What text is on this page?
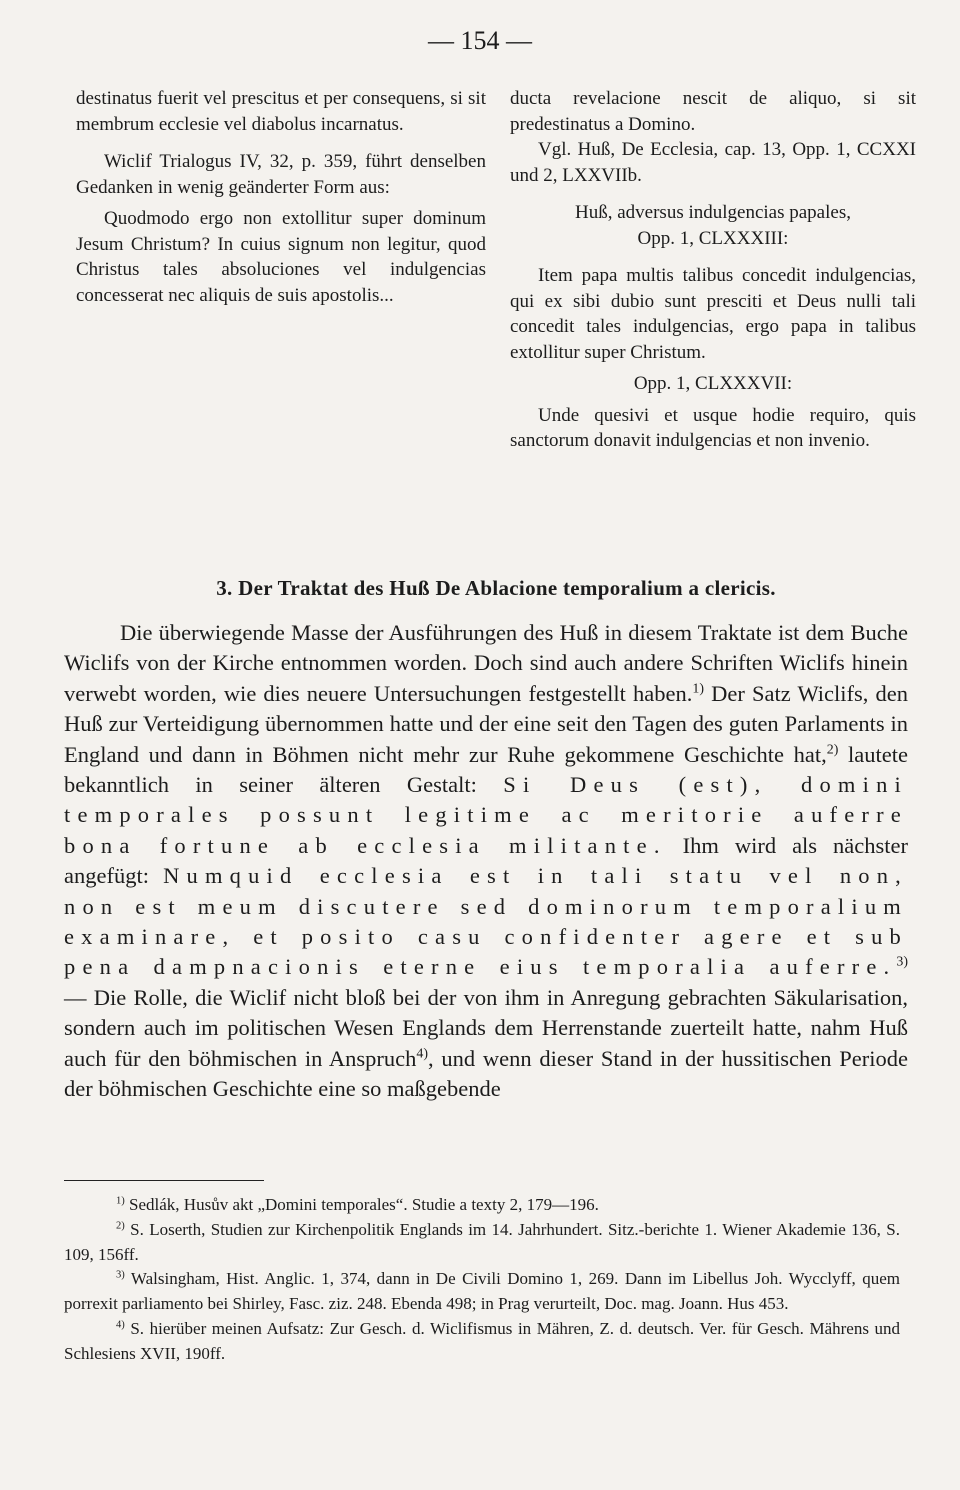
— 154 —

destinatus fuerit vel prescitus et per consequens, si sit membrum ecclesie vel diabolus incarnatus.

Wiclif Trialogus IV, 32, p. 359, führt denselben Gedanken in wenig geänderter Form aus:

Quodmodo ergo non extollitur super dominum Jesum Christum? In cuius signum non legitur, quod Christus tales absoluciones vel indulgencias concesserat nec aliquis de suis apostolis...

ducta revelacione nescit de aliquo, si sit predestinatus a Domino.

Vgl. Huß, De Ecclesia, cap. 13, Opp. 1, CCXXI und 2, LXXVIIb.

Huß, adversus indulgencias papales,

Opp. 1, CLXXXIII:

Item papa multis talibus concedit indulgencias, qui ex sibi dubio sunt presciti et Deus nulli tali concedit tales indulgencias, ergo papa in talibus extollitur super Christum.

Opp. 1, CLXXXVII:

Unde quesivi et usque hodie requiro, quis sanctorum donavit indulgencias et non invenio.

3. Der Traktat des Huß De Ablacione temporalium a clericis.

Die überwiegende Masse der Ausführungen des Huß in diesem Traktate ist dem Buche Wiclifs von der Kirche entnommen worden. Doch sind auch andere Schriften Wiclifs hinein verwebt worden, wie dies neuere Untersuchungen festgestellt haben.$^{1)}$ Der Satz Wiclifs, den Huß zur Verteidigung übernommen hatte und der eine seit den Tagen des guten Parlaments in England und dann in Böhmen nicht mehr zur Ruhe gekommene Geschichte hat,$^{2)}$ lautete bekanntlich in seiner älteren Gestalt: Si Deus (est), domini temporales possunt legitime ac meritorie auferre bona fortune ab ecclesia militante. Ihm wird als nächster angefügt: Numquid ecclesia est in tali statu vel non, non est meum discutere sed dominorum temporalium examinare, et posito casu confidenter agere et sub pena dampnacionis eterne eius temporalia auferre.$^{3)}$ — Die Rolle, die Wiclif nicht bloß bei der von ihm in Anregung gebrachten Säkularisation, sondern auch im politischen Wesen Englands dem Herrenstande zuerteilt hatte, nahm Huß auch für den böhmischen in Anspruch$^{4)}$, und wenn dieser Stand in der hussitischen Periode der böhmischen Geschichte eine so maßgebende

$^{1)}$ Sedlák, Husův akt „Domini temporales“. Studie a texty 2, 179—196.

$^{2)}$ S. Loserth, Studien zur Kirchenpolitik Englands im 14. Jahrhundert. Sitz.-berichte 1. Wiener Akademie 136, S. 109, 156ff.

$^{3)}$ Walsingham, Hist. Anglic. 1, 374, dann in De Civili Domino 1, 269. Dann im Libellus Joh. Wycclyff, quem porrexit parliamento bei Shirley, Fasc. ziz. 248. Ebenda 498; in Prag verurteilt, Doc. mag. Joann. Hus 453.

$^{4)}$ S. hierüber meinen Aufsatz: Zur Gesch. d. Wiclifismus in Mähren, Z. d. deutsch. Ver. für Gesch. Mährens und Schlesiens XVII, 190ff.
